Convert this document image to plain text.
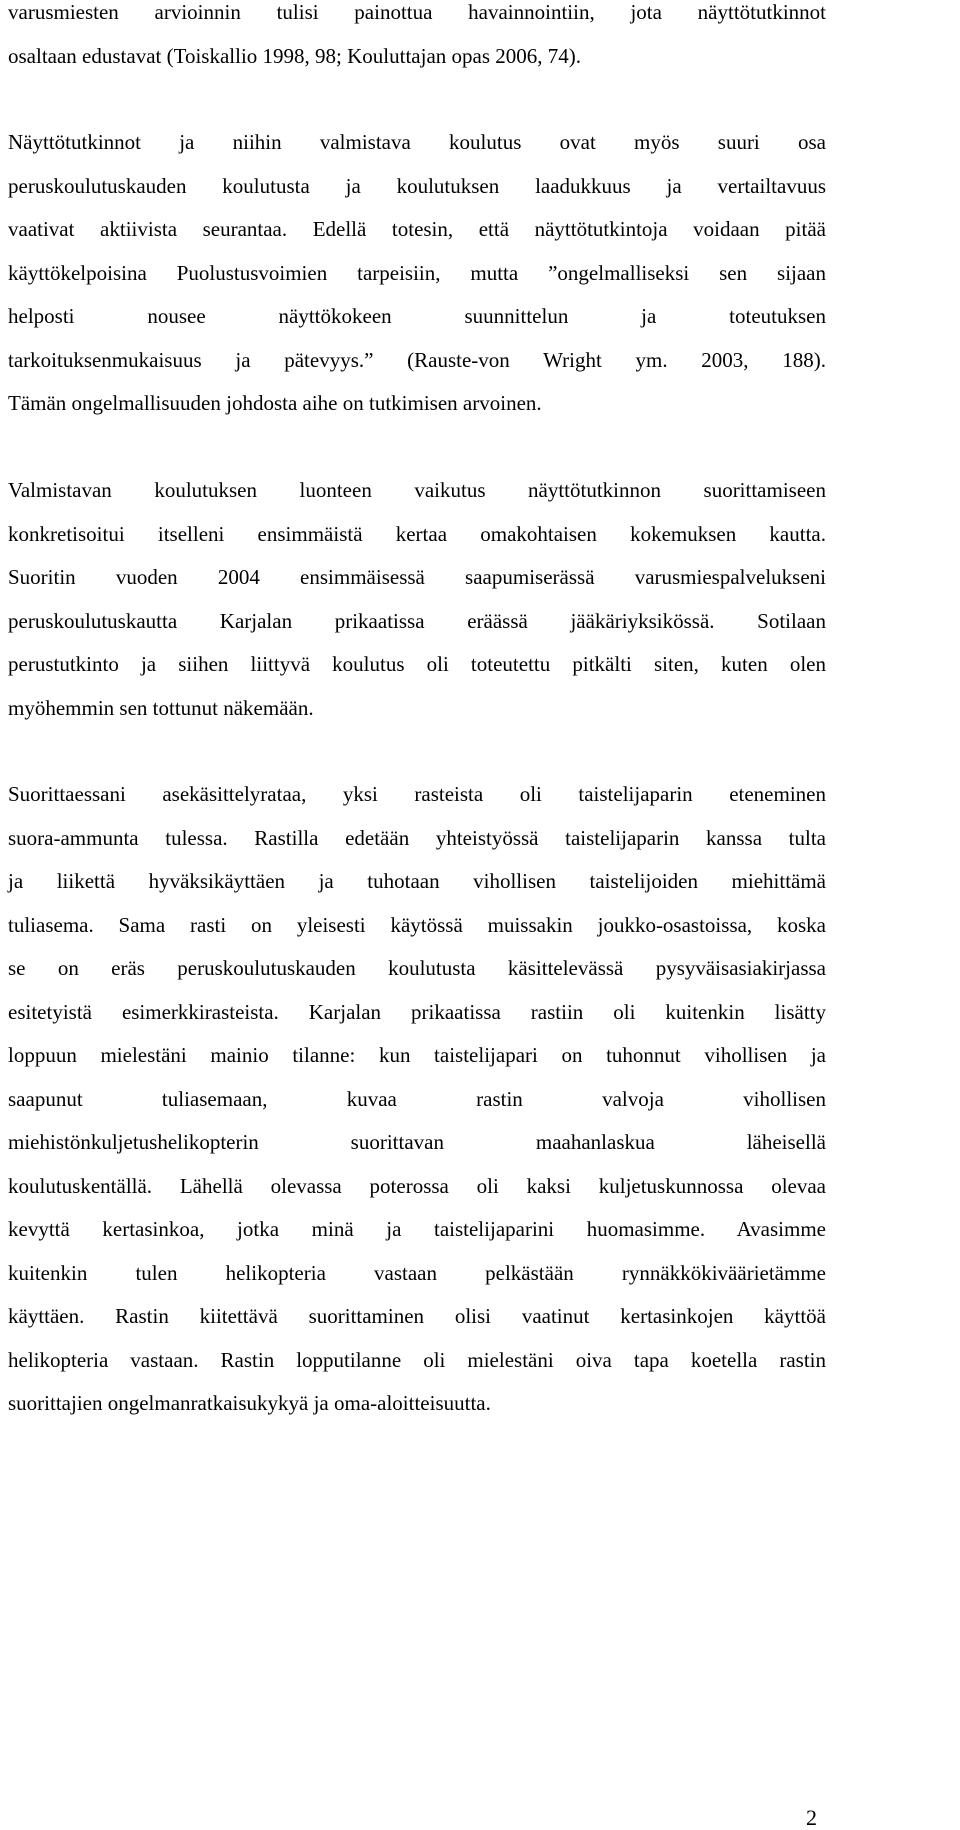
varusmiesten arvioinnin tulisi painottua havainnointiin, jota näyttötutkinnot
osaltaan edustavat (Toiskallio 1998, 98; Kouluttajan opas 2006, 74).
Näyttötutkinnot ja niihin valmistava koulutus ovat myös suuri osa
peruskoulutuskauden koulutusta ja koulutuksen laadukkuus ja vertailtavuus
vaativat aktiivista seurantaa. Edellä totesin, että näyttötutkintoja voidaan pitää
käyttökelpoisina Puolustusvoimien tarpeisiin, mutta ”ongelmalliseksi sen sijaan
helposti nousee näyttökokeen suunnittelun ja toteutuksen
tarkoituksenmukaisuus ja pätevyys.” (Rauste-von Wright ym. 2003, 188).
Tämän ongelmallisuuden johdosta aihe on tutkimisen arvoinen.
Valmistavan koulutuksen luonteen vaikutus näyttötutkinnon suorittamiseen
konkretisoitui itselleni ensimmäistä kertaa omakohtaisen kokemuksen kautta.
Suoritin vuoden 2004 ensimmäisessä saapumiserässä varusmiespalvelukseni
peruskoulutuskautta Karjalan prikaatissa eräässä jääkäriyksikössä. Sotilaan
perustutkinto ja siihen liittyvä koulutus oli toteutettu pitkälti siten, kuten olen
myöhemmin sen tottunut näkemään.
Suorittaessani asekäsittelyrataa, yksi rasteista oli taistelijaparin eteneminen
suora-ammunta tulessa. Rastilla edetään yhteistyössä taistelijaparin kanssa tulta
ja liikettä hyväksikäyttäen ja tuhotaan vihollisen taistelijoiden miehittämä
tuliasema. Sama rasti on yleisesti käytössä muissakin joukko-osastoissa, koska
se on eräs peruskoulutuskauden koulutusta käsittelevässä pysyväisasiakirjassa
esitetyistä esimerkkirasteista. Karjalan prikaatissa rastiin oli kuitenkin lisätty
loppuun mielestäni mainio tilanne: kun taistelijapari on tuhonnut vihollisen ja
saapunut tuliasemaan, kuvaa rastin valvoja vihollisen
miehistönkuljetushelikopterin suorittavan maahanlaskua läheisellä
koulutuskentällä. Lähellä olevassa poterossa oli kaksi kuljetuskunnossa olevaa
kevyttä kertasinkoa, jotka minä ja taistelijaparini huomasimme. Avasimme
kuitenkin tulen helikopteria vastaan pelkästään rynnäkkökiväärietämme
käyttäen. Rastin kiitettävä suorittaminen olisi vaatinut kertasinkojen käyttöä
helikopteria vastaan. Rastin lopputilanne oli mielestäni oiva tapa koetella rastin
suorittajien ongelmanratkaisukykyä ja oma-aloitteisuutta.
2
